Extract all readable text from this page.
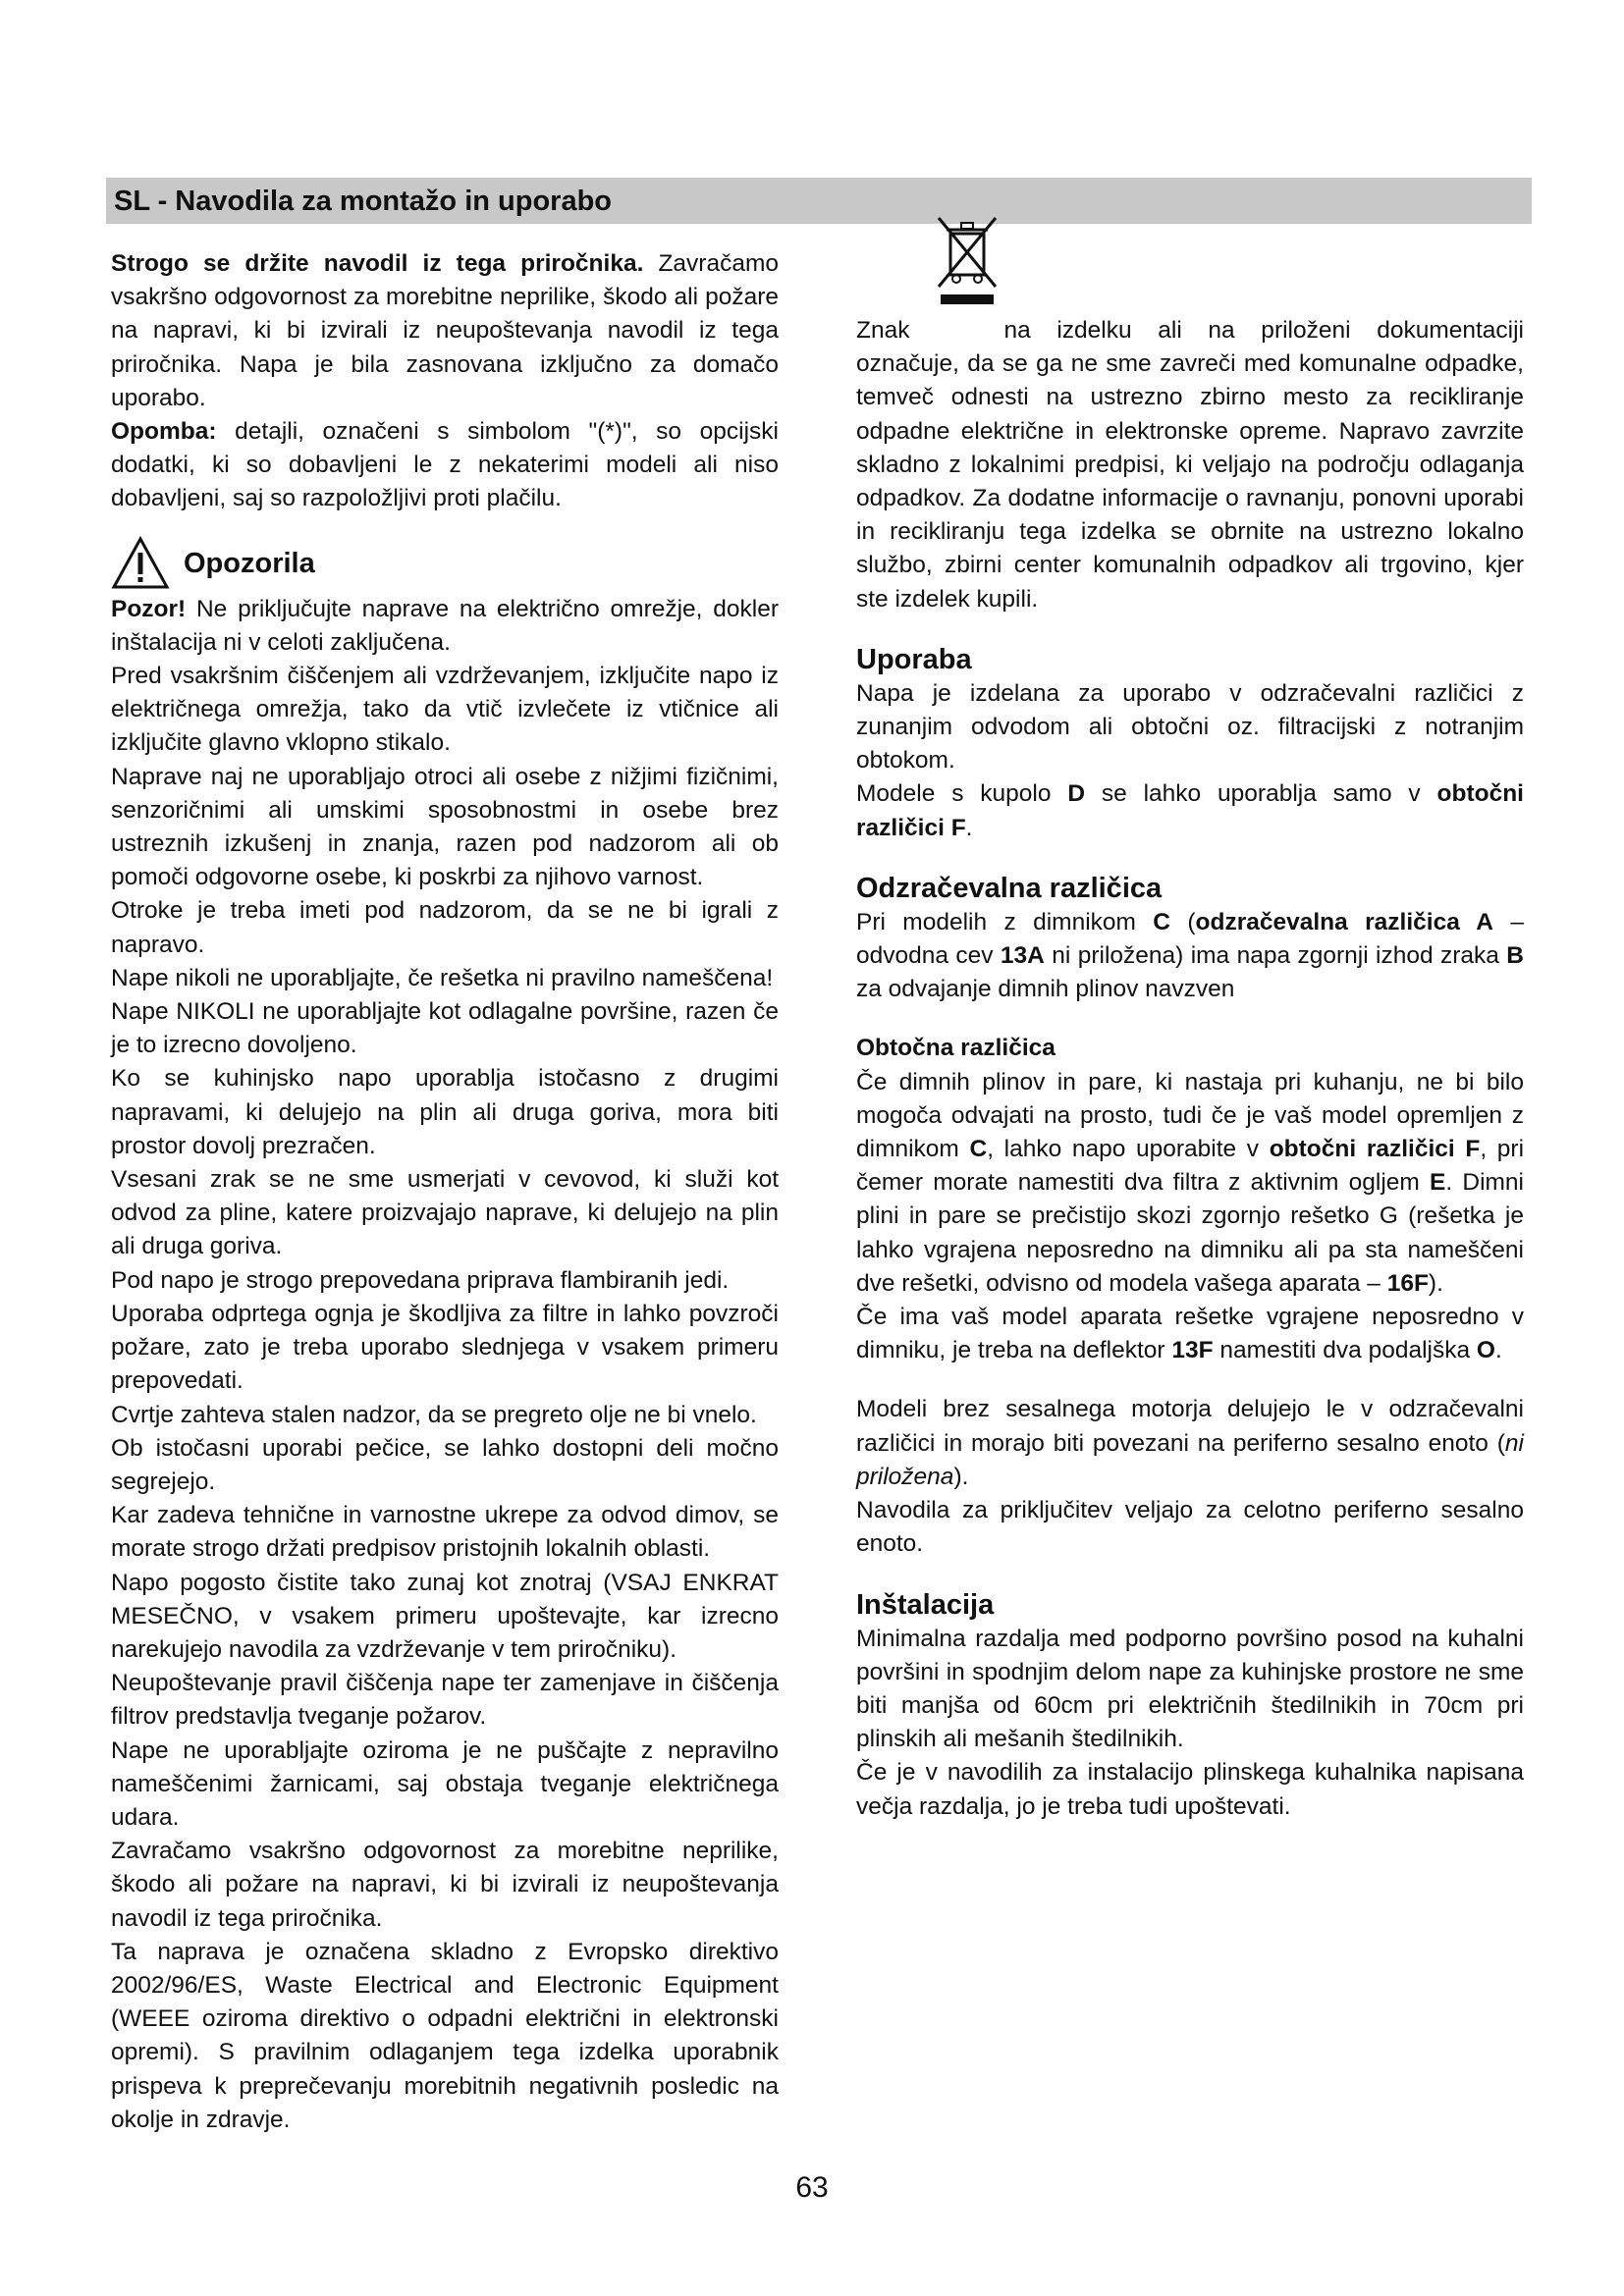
SL - Navodila za montažo in uporabo

Strogo se držite navodil iz tega priročnika. Zavračamo vsakršno odgovornost za morebitne neprilike, škodo ali požare na napravi, ki bi izvirali iz neupoštevanja navodil iz tega priročnika. Napa je bila zasnovana izključno za domačo uporabo.

Opomba: detajli, označeni s simbolom "(*)", so opcijski dodatki, ki so dobavljeni le z nekaterimi modeli ali niso dobavljeni, saj so razpoložljivi proti plačilu.

Opozorila

Pozor! Ne priključujte naprave na električno omrežje, dokler inštalacija ni v celoti zaključena.

Pred vsakršnim čiščenjem ali vzdrževanjem, izključite napo iz električnega omrežja, tako da vtič izvlečete iz vtičnice ali izključite glavno vklopno stikalo.

Naprave naj ne uporabljajo otroci ali osebe z nižjimi fizičnimi, senzoričnimi ali umskimi sposobnostmi in osebe brez ustreznih izkušenj in znanja, razen pod nadzorom ali ob pomoči odgovorne osebe, ki poskrbi za njihovo varnost.

Otroke je treba imeti pod nadzorom, da se ne bi igrali z napravo.

Nape nikoli ne uporabljajte, če rešetka ni pravilno nameščena!

Nape NIKOLI ne uporabljajte kot odlagalne površine, razen če je to izrecno dovoljeno.

Ko se kuhinjsko napo uporablja istočasno z drugimi napravami, ki delujejo na plin ali druga goriva, mora biti prostor dovolj prezračen.

Vsesani zrak se ne sme usmerjati v cevovod, ki služi kot odvod za pline, katere proizvajajo naprave, ki delujejo na plin ali druga goriva.

Pod napo je strogo prepovedana priprava flambiranih jedi.

Uporaba odprtega ognja je škodljiva za filtre in lahko povzroči požare, zato je treba uporabo slednjega v vsakem primeru prepovedati.

Cvrtje zahteva stalen nadzor, da se pregreto olje ne bi vnelo.

Ob istočasni uporabi pečice, se lahko dostopni deli močno segrejejo.

Kar zadeva tehnične in varnostne ukrepe za odvod dimov, se morate strogo držati predpisov pristojnih lokalnih oblasti.

Napo pogosto čistite tako zunaj kot znotraj (VSAJ ENKRAT MESEČNO, v vsakem primeru upoštevajte, kar izrecno narekujejo navodila za vzdrževanje v tem priročniku).

Neupoštevanje pravil čiščenja nape ter zamenjave in čiščenja filtrov predstavlja tveganje požarov.

Nape ne uporabljajte oziroma je ne puščajte z nepravilno nameščenimi žarnicami, saj obstaja tveganje električnega udara.

Zavračamo vsakršno odgovornost za morebitne neprilike, škodo ali požare na napravi, ki bi izvirali iz neupoštevanja navodil iz tega priročnika.

Ta naprava je označena skladno z Evropsko direktivo 2002/96/ES, Waste Electrical and Electronic Equipment (WEEE oziroma direktivo o odpadni električni in elektronski opremi). S pravilnim odlaganjem tega izdelka uporabnik prispeva k preprečevanju morebitnih negativnih posledic na okolje in zdravje.

Znak	na izdelku ali na priloženi dokumentaciji označuje, da se ga ne sme zavreči med komunalne odpadke, temveč odnesti na ustrezno zbirno mesto za recikliranje odpadne električne in elektronske opreme. Napravo zavrzite skladno z lokalnimi predpisi, ki veljajo na področju odlaganja odpadkov. Za dodatne informacije o ravnanju, ponovni uporabi in recikliranju tega izdelka se obrnite na ustrezno lokalno službo, zbirni center komunalnih odpadkov ali trgovino, kjer ste izdelek kupili.

Uporaba

Napa je izdelana za uporabo v odzračevalni različici z zunanjim odvodom ali obtočni oz. filtracijski z notranjim obtokom.

Modele s kupolo D se lahko uporablja samo v obtočni različici F.

Odzračevalna različica

Pri modelih z dimnikom C (odzračevalna različica A – odvodna cev 13A ni priložena) ima napa zgornji izhod zraka B za odvajanje dimnih plinov navzven

Obtočna različica

Če dimnih plinov in pare, ki nastaja pri kuhanju, ne bi bilo mogoča odvajati na prosto, tudi če je vaš model opremljen z dimnikom C, lahko napo uporabite v obtočni različici F, pri čemer morate namestiti dva filtra z aktivnim ogljem E. Dimni plini in pare se prečistijo skozi zgornjo rešetko G (rešetka je lahko vgrajena neposredno na dimniku ali pa sta nameščeni dve rešetki, odvisno od modela vašega aparata – 16F).

Če ima vaš model aparata rešetke vgrajene neposredno v dimniku, je treba na deflektor 13F namestiti dva podaljška O.

Modeli brez sesalnega motorja delujejo le v odzračevalni različici in morajo biti povezani na periferno sesalno enoto (ni priložena).

Navodila za priključitev veljajo za celotno periferno sesalno enoto.

Inštalacija

Minimalna razdalja med podporno površino posod na kuhalni površini in spodnjim delom nape za kuhinjske prostore ne sme biti manjša od 60cm pri električnih štedilnikih in 70cm pri plinskih ali mešanih štedilnikih.

Če je v navodilih za instalacijo plinskega kuhalnika napisana večja razdalja, jo je treba tudi upoštevati.

63
